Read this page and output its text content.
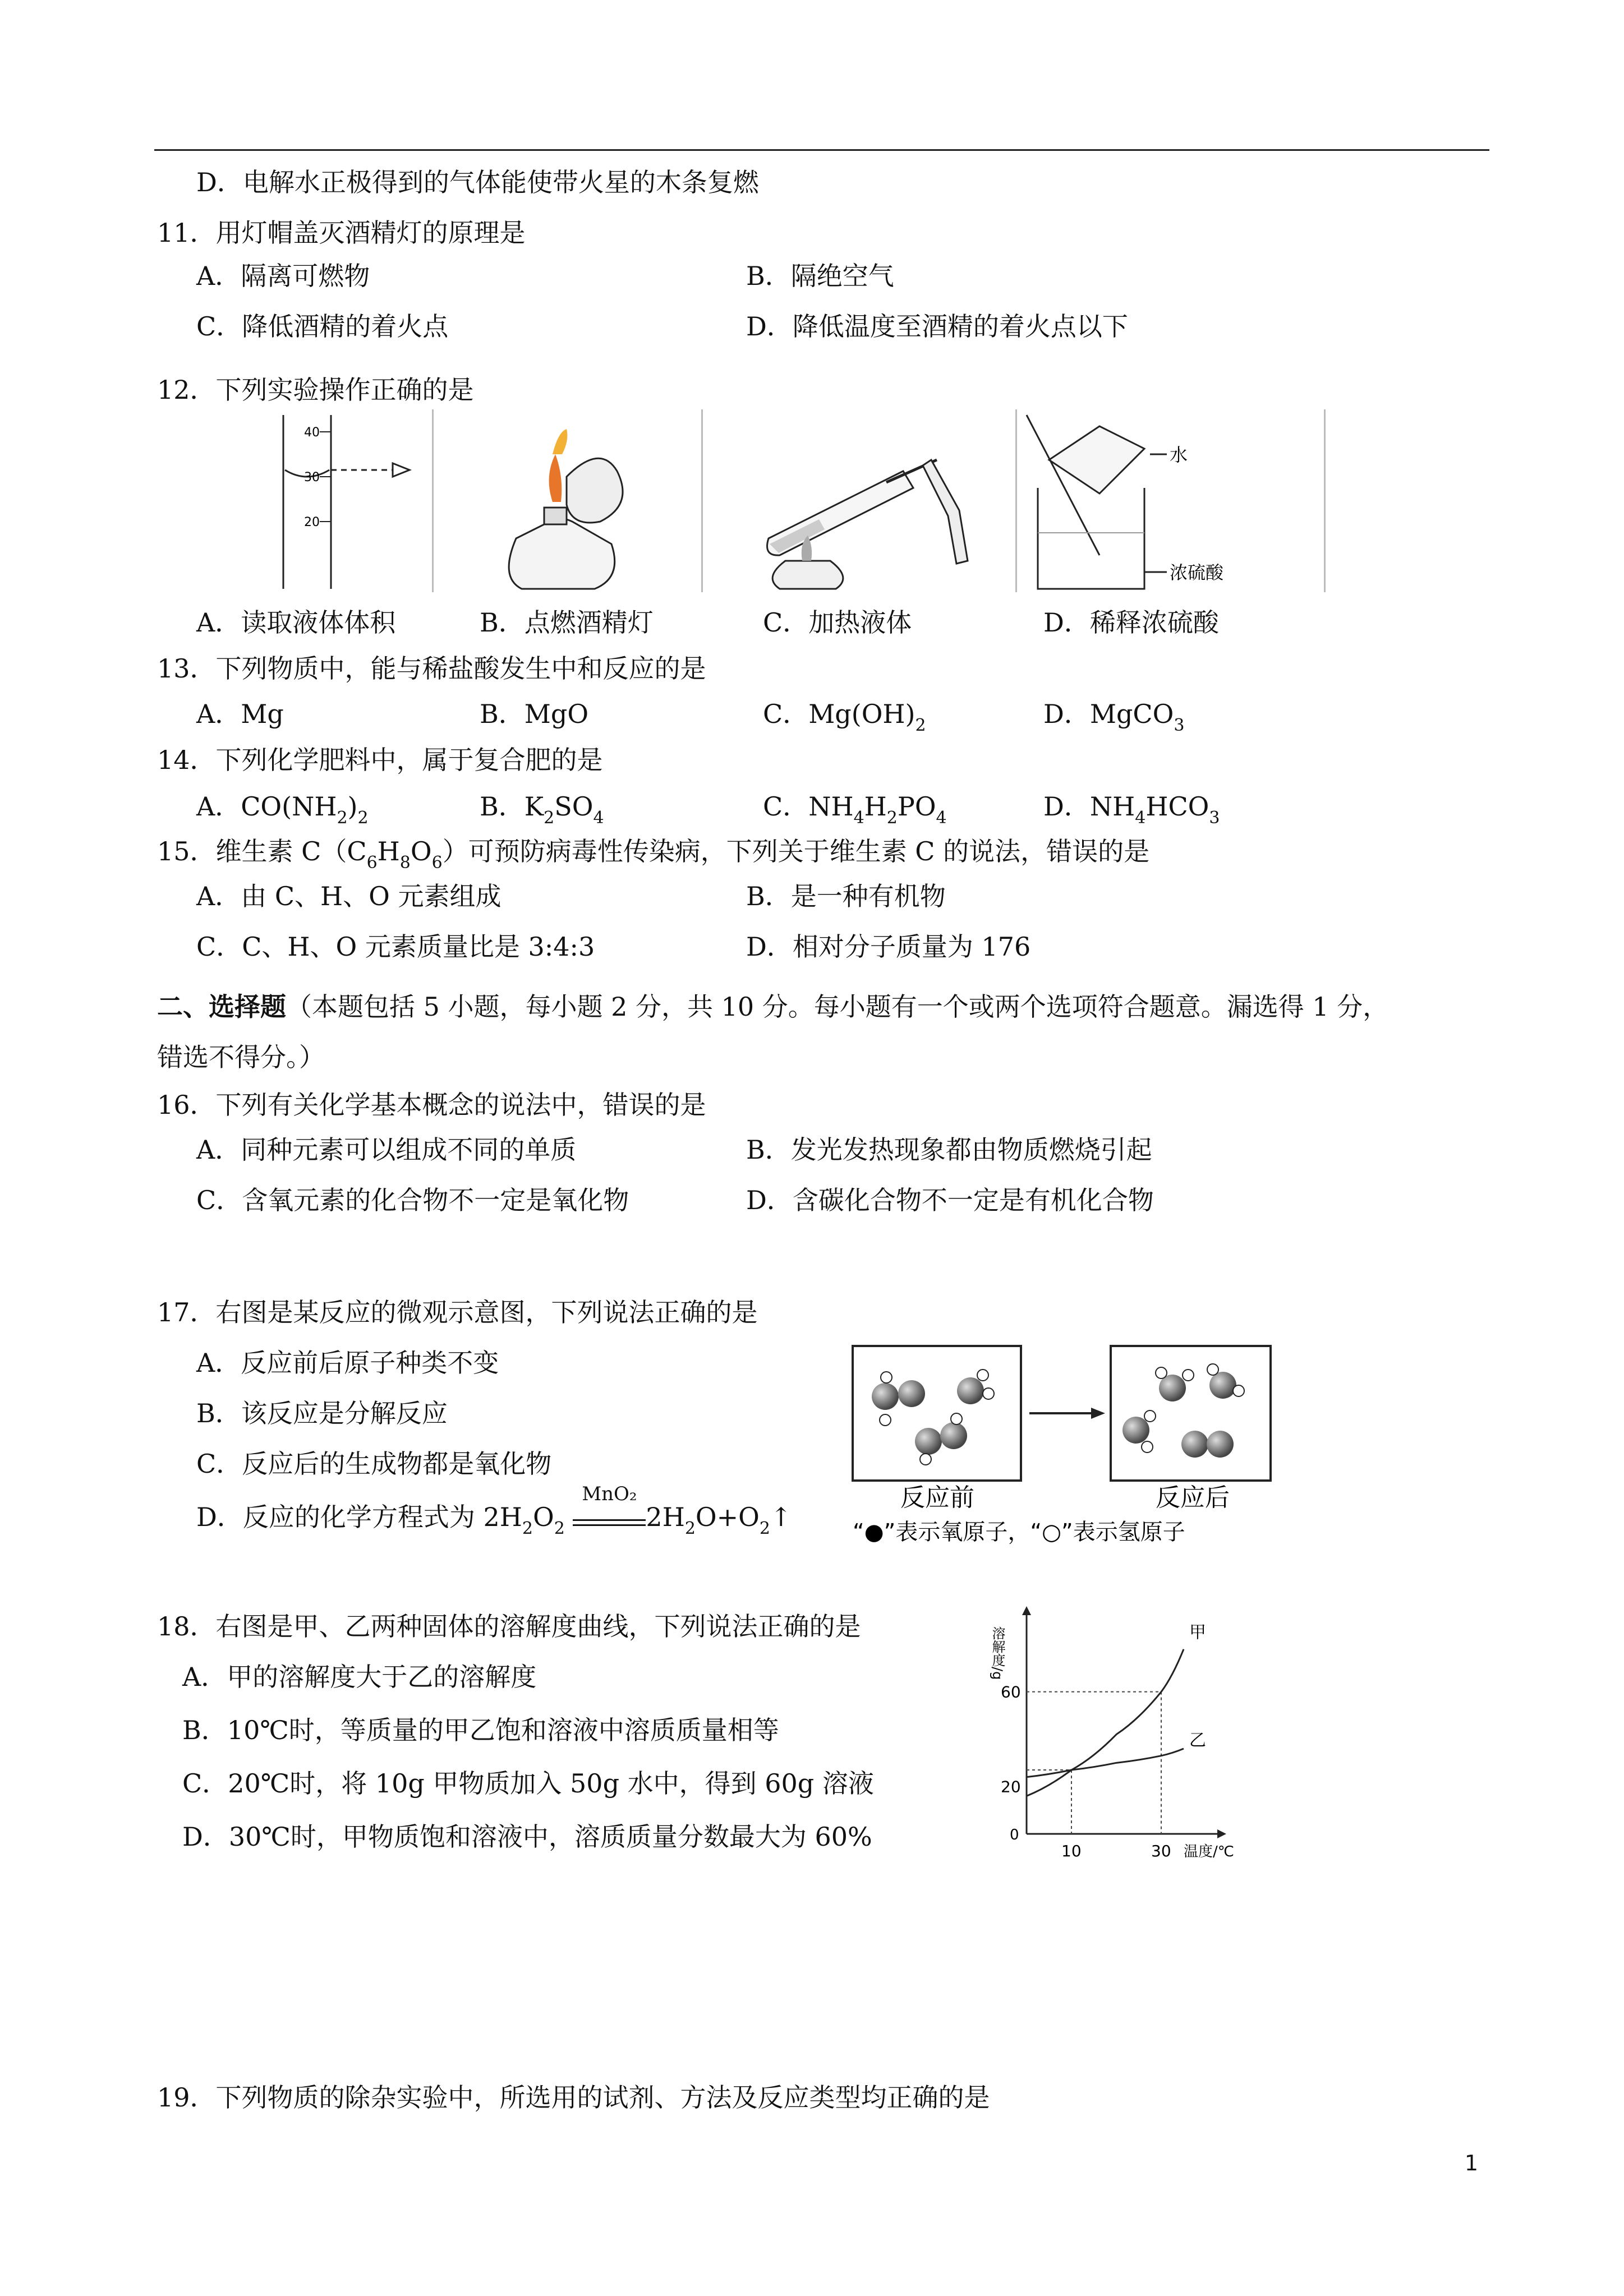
D．电解水正极得到的气体能使带火星的木条复燃
11．用灯帽盖灭酒精灯的原理是
A．隔离可燃物	B．隔绝空气
C．降低酒精的着火点	D．降低温度至酒精的着火点以下
12．下列实验操作正确的是
40
30
20
水
浓硫酸
A．读取液体体积	B．点燃酒精灯	C．加热液体	D．稀释浓硫酸
13．下列物质中，能与稀盐酸发生中和反应的是
A．Mg	B．MgO	C．$Mg(OH)_2$	D．MgCO$_3$
14．下列化学肥料中，属于复合肥的是
A．$CO(NH_2)_2$	B．$K_2SO_4$	C．$NH_4H_2PO_4$	D．$NH_4HCO_3$
15．维生素 $C(C_6H_8O_6)$可预防病毒性传染病，下列关于维生素 C 的说法，错误的是
A．由 C、H、O 元素组成	B．是一种有机物
C．C、H、O 元素质量比是 3:4:3	D．相对分子质量为 176
二、选择题（本题包括 5 小题，每小题 2 分，共 10 分。每小题有一个或两个选项符合题意。漏选得 1 分，
错选不得分。）
16．下列有关化学基本概念的说法中，错误的是
A．同种元素可以组成不同的单质	B．发光发热现象都由物质燃烧引起
C．含氧元素的化合物不一定是氧化物	D．含碳化合物不一定是有机化合物
17．右图是某反应的微观示意图，下列说法正确的是
A．反应前后原子种类不变
B．该反应是分解反应
C．反应后的生成物都是氧化物
D．反应的化学方程式为 $2H_2O_2$
MnO₂
$2H_2O+O_2↑$
反应前	反应后
“●”表示氧原子，“○”表示氢原子
18．右图是甲、乙两种固体的溶解度曲线，下列说法正确的是
A．甲的溶解度大于乙的溶解度
B．10℃时，等质量的甲乙饱和溶液中溶质质量相等
C．20℃时，将 10g 甲物质加入 50g 水中，得到 60g 溶液
D．30℃时，甲物质饱和溶液中，溶质质量分数最大为 60%
甲
乙
10	30
20
60
0
温度/℃
溶解度/g
19．下列物质的除杂实验中，所选用的试剂、方法及反应类型均正确的是
1
